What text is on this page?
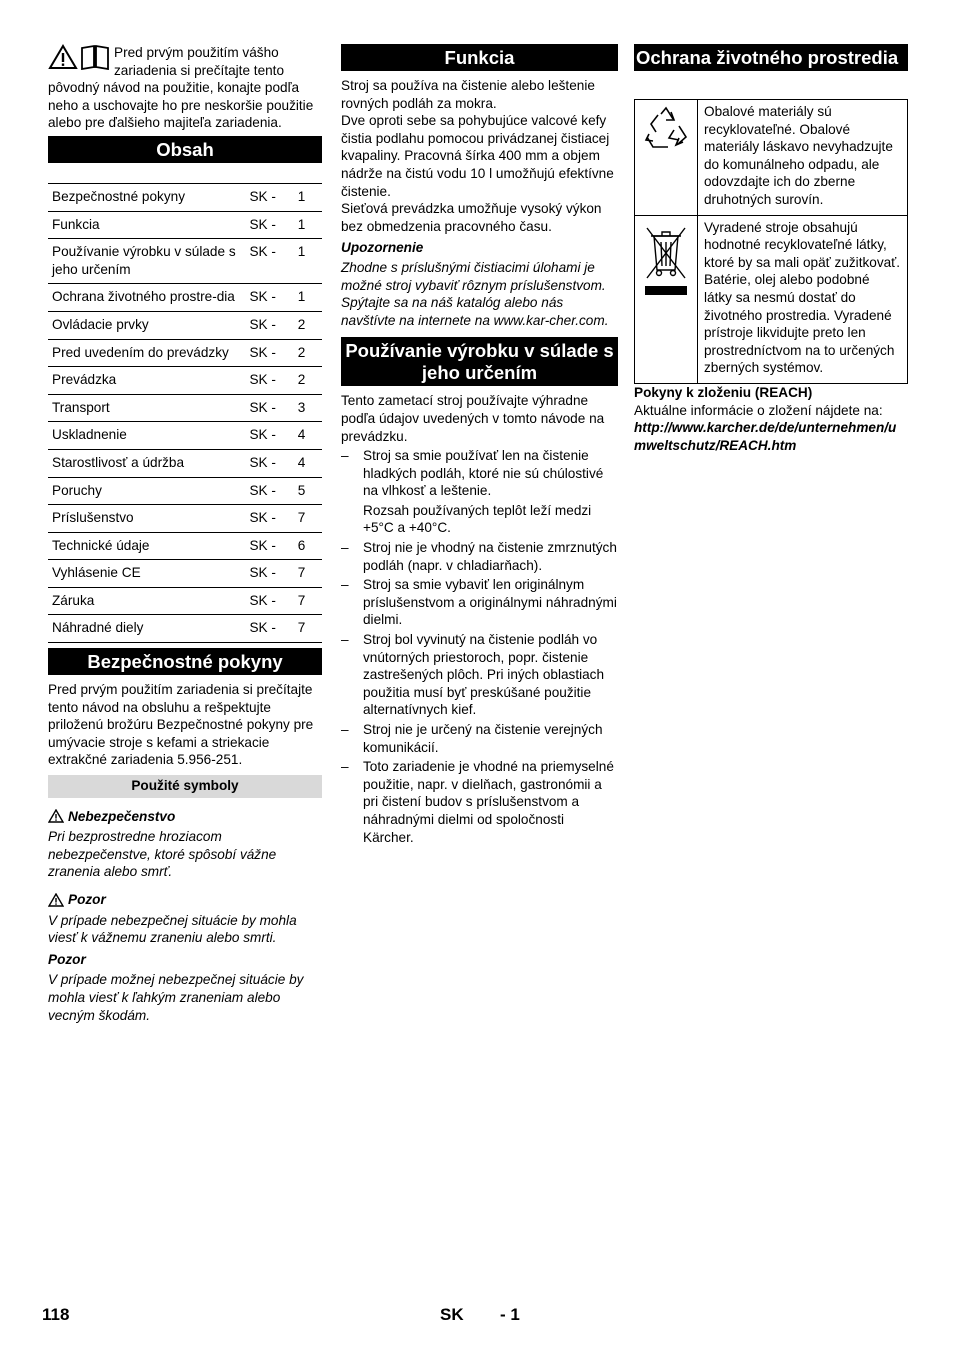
Pred prvým použitím vášho zariadenia si prečítajte tento pôvodný návod na použitie, konajte podľa neho a uschovajte ho pre neskoršie použitie alebo pre ďalšieho majiteľa zariadenia.

Obsah
Bezpečnostné pokyny	SK -	1
Funkcia	SK -	1
Používanie výrobku v súlade s jeho určením	SK -	1
Ochrana životného prostre-dia	SK -	1
Ovládacie prvky	SK -	2
Pred uvedením do prevádzky	SK -	2
Prevádzka	SK -	2
Transport	SK -	3
Uskladnenie	SK -	4
Starostlivosť a údržba	SK -	4
Poruchy	SK -	5
Príslušenstvo	SK -	7
Technické údaje	SK -	6
Vyhlásenie CE	SK -	7
Záruka	SK -	7
Náhradné diely	SK -	7
Bezpečnostné pokyny

Pred prvým použitím zariadenia si prečítajte tento návod na obsluhu a rešpektujte priloženú brožúru Bezpečnostné pokyny pre umývacie stroje s kefami a striekacie extrakčné zariadenia 5.956-251.

Použité symboly
Nebezpečenstvo

Pri bezprostredne hroziacom nebezpečenstve, ktoré spôsobí vážne zranenia alebo smrť.

Pozor

V prípade nebezpečnej situácie by mohla viesť k vážnemu zraneniu alebo smrti.

Pozor

V prípade možnej nebezpečnej situácie by mohla viesť k ľahkým zraneniam alebo vecným škodám.

Funkcia

Stroj sa používa na čistenie alebo leštenie rovných podláh za mokra.

Dve oproti sebe sa pohybujúce valcové kefy čistia podlahu pomocou privádzanej čistiacej kvapaliny. Pracovná šírka 400 mm a objem nádrže na čistú vodu 10 l umožňujú efektívne čistenie.

Sieťová prevádzka umožňuje vysoký výkon bez obmedzenia pracovného času.

Upozornenie

Zhodne s príslušnými čistiacimi úlohami je možné stroj vybaviť rôznym príslušenstvom. Spýtajte sa na náš katalóg alebo nás navštívte na internete na www.kar-cher.com.

Používanie výrobku v súlade s jeho určením

Tento zametací stroj používajte výhradne podľa údajov uvedených v tomto návode na prevádzku.

– Stroj sa smie používať len na čistenie hladkých podláh, ktoré nie sú chúlostivé na vlhkosť a leštenie.
Rozsah používaných teplôt leží medzi +5°C a +40°C.
– Stroj nie je vhodný na čistenie zmrznutých podláh (napr. v chladiarňach).
– Stroj sa smie vybaviť len originálnym príslušenstvom a originálnymi náhradnými dielmi.
– Stroj bol vyvinutý na čistenie podláh vo vnútorných priestoroch, popr. čistenie zastrešených plôch. Pri iných oblastiach použitia musí byť preskúšané použitie alternatívnych kief.
– Stroj nie je určený na čistenie verejných komunikácií.
– Toto zariadenie je vhodné na priemyselné použitie, napr. v dielňach, gastronómii a pri čistení budov s príslušenstvom a náhradnými dielmi od spoločnosti Kärcher.
Ochrana životného prostredia
	Obalové materiály sú recyklovateľné. Obalové materiály láskavo nevyhadzujte do komunálneho odpadu, ale odovzdajte ich do zberne druhotných surovín.
	Vyradené stroje obsahujú hodnotné recyklovateľné látky, ktoré by sa mali opäť zužitkovať. Batérie, olej alebo podobné látky sa nesmú dostať do životného prostredia. Vyradené prístroje likvidujte preto len prostredníctvom na to určených zberných systémov.

Pokyny k zloženiu (REACH)

Aktuálne informácie o zložení nájdete na:

http://www.karcher.de/de/unternehmen/umweltschutz/REACH.htm

118	SK - 1
